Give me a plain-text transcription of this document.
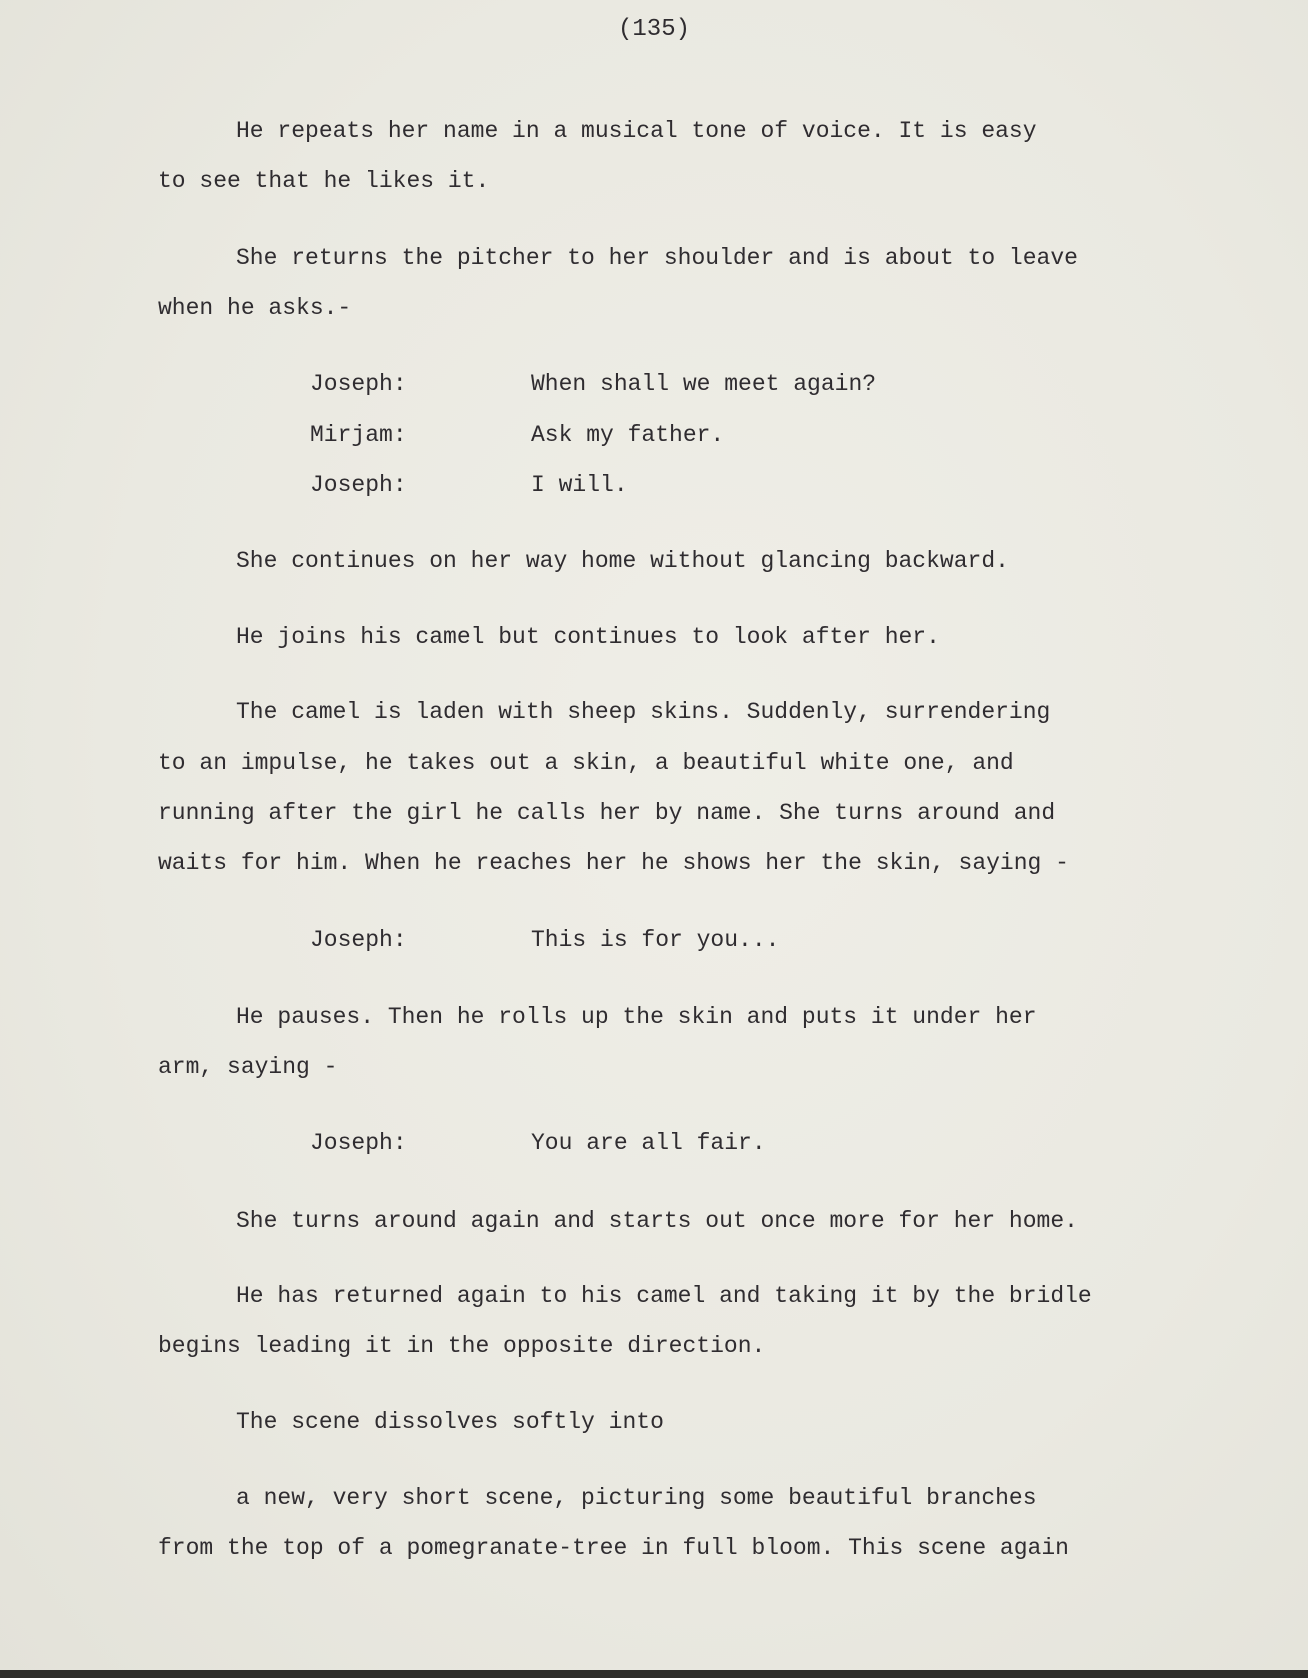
(135)
He repeats her name in a musical tone of voice. It is easy
to see that he likes it.
She returns the pitcher to her shoulder and is about to leave
when he asks.-
Joseph:	When shall we meet again?
Mirjam:	Ask my father.
Joseph:	I will.
She continues on her way home without glancing backward.
He joins his camel but continues to look after her.
The camel is laden with sheep skins. Suddenly, surrendering
to an impulse, he takes out a skin, a beautiful white one, and
running after the girl he calls her by name. She turns around and
waits for him. When he reaches her he shows her the skin, saying -
Joseph:	This is for you...
He pauses. Then he rolls up the skin and puts it under her
arm, saying -
Joseph:	You are all fair.
She turns around again and starts out once more for her home.
He has returned again to his camel and taking it by the bridle
begins leading it in the opposite direction.
The scene dissolves softly into
a new, very short scene, picturing some beautiful branches
from the top of a pomegranate-tree in full bloom. This scene again
